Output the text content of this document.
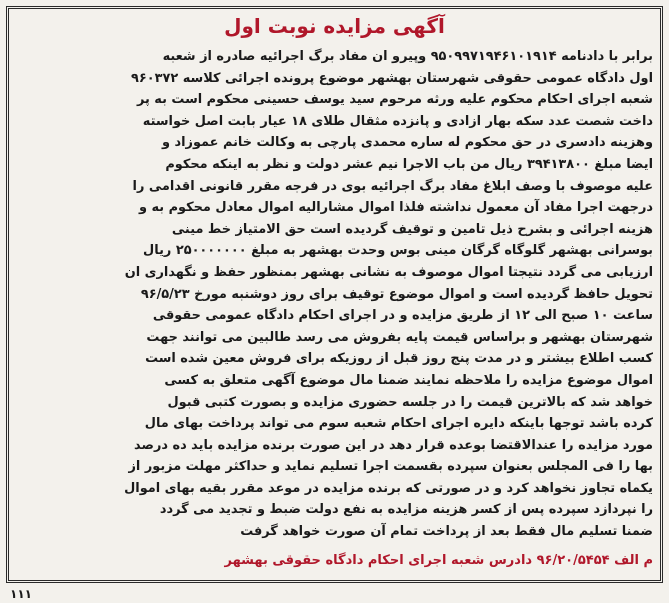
آگهی مزایده نوبت اول
برابر با دادنامه ۹۵۰۹۹۷۱۹۴۶۱۰۱۹۱۴ وپیرو ان مفاد برگ اجرائیه صادره از شعبه
اول دادگاه عمومی حقوقی شهرستان بهشهر موضوع پرونده اجرائی کلاسه ۹۶۰۳۷۲
شعبه اجرای احکام محکوم علیه ورثه مرحوم سید یوسف حسینی محکوم است به پر
داخت شصت عدد سکه بهار ازادی و پانزده مثقال طلای ۱۸ عیار بابت اصل خواسته
وهزینه دادسری در حق محکوم له ساره محمدی پارچی به وکالت خانم عموزاد و
ایضا مبلغ ۳۹۴۱۳۸۰۰ ریال من باب الاجرا نیم عشر دولت و نظر به اینکه محکوم
علیه موصوف با وصف ابلاغ مفاد برگ اجرائیه بوی در فرجه مقرر قانونی اقدامی را
درجهت اجرا مفاد آن معمول نداشته فلذا اموال مشارالیه اموال معادل محکوم به و
هزینه اجرائی و بشرح ذیل تامین و توقیف گردیده است حق الامتیاز خط مینی
بوسرانی بهشهر گلوگاه گرگان مینی بوس وحدت بهشهر به مبلغ ۲۵۰۰۰۰۰۰۰ ریال
ارزیابی می گردد نتیجتا اموال موصوف به نشانی بهشهر بمنظور حفظ و نگهداری ان
تحویل حافظ گردیده است و اموال موضوع توقیف برای روز دوشنبه مورخ ۹۶/۵/۲۳
ساعت ۱۰ صبح الی ۱۲ از طریق مزایده و در اجرای احکام دادگاه عمومی حقوقی
شهرستان بهشهر و براساس قیمت پایه بفروش می رسد طالبین می توانند جهت
کسب اطلاع بیشتر و در مدت پنج روز قبل از روزیکه برای فروش معین شده است
اموال موضوع مزایده را ملاحظه نمایند ضمنا مال موضوع آگهی متعلق به کسی
خواهد شد که بالاترین قیمت را در جلسه حضوری مزایده و بصورت کتبی قبول
کرده باشد توجها باینکه دایره اجرای احکام شعبه سوم می تواند پرداخت بهای مال
مورد مزایده را عندالاقتضا بوعده قرار دهد در این صورت برنده مزایده باید ده درصد
بها را فی المجلس بعنوان سپرده بقسمت اجرا تسلیم نماید و حداکثر مهلت مزبور از
یکماه تجاوز نخواهد کرد و در صورتی که برنده مزایده در موعد مقرر بقیه بهای اموال
را نپردازد سپرده پس از کسر هزینه مزایده به نفع دولت ضبط و تجدید می گردد
ضمنا تسلیم مال فقط بعد از پرداخت تمام آن صورت خواهد گرفت
م الف ۹۶/۲۰/۵۴۵۴ دادرس شعبه اجرای احکام دادگاه حقوقی بهشهر
۱۱۱
